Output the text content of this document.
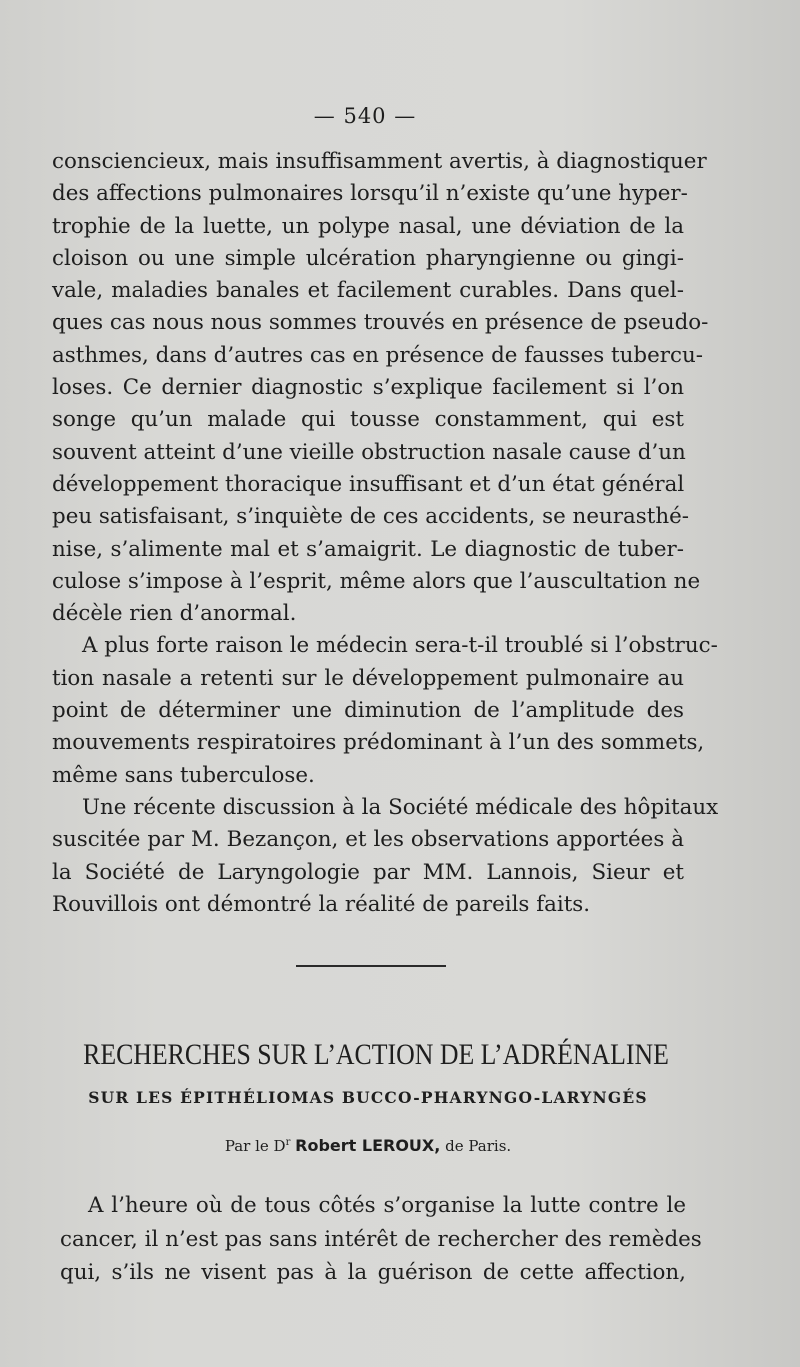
— 540 —
consciencieux, mais insuffisamment avertis, à diagnostiquer
des affections pulmonaires lorsqu’il n’existe qu’une hyper-
trophie de la luette, un polype nasal, une déviation de la
cloison ou une simple ulcération pharyngienne ou gingi-
vale, maladies banales et facilement curables. Dans quel-
ques cas nous nous sommes trouvés en présence de pseudo-
asthmes, dans d’autres cas en présence de fausses tubercu-
loses. Ce dernier diagnostic s’explique facilement si l’on
songe qu’un malade qui tousse constamment, qui est
souvent atteint d’une vieille obstruction nasale cause d’un
développement thoracique insuffisant et d’un état général
peu satisfaisant, s’inquiète de ces accidents, se neurasthé-
nise, s’alimente mal et s’amaigrit. Le diagnostic de tuber-
culose s’impose à l’esprit, même alors que l’auscultation ne
décèle rien d’anormal.
A plus forte raison le médecin sera-t-il troublé si l’obstruc-
tion nasale a retenti sur le développement pulmonaire au
point de déterminer une diminution de l’amplitude des
mouvements respiratoires prédominant à l’un des sommets,
même sans tuberculose.
Une récente discussion à la Société médicale des hôpitaux
suscitée par M. Bezançon, et les observations apportées à
la Société de Laryngologie par MM. Lannois, Sieur et
Rouvillois ont démontré la réalité de pareils faits.
RECHERCHES SUR L’ACTION DE L’ADRÉNALINE
SUR LES ÉPITHÉLIOMAS BUCCO-PHARYNGO-LARYNGÉS
Par le $D^r$ Robert LEROUX, de Paris.
A l’heure où de tous côtés s’organise la lutte contre le
cancer, il n’est pas sans intérêt de rechercher des remèdes
qui, s’ils ne visent pas à la guérison de cette affection,
